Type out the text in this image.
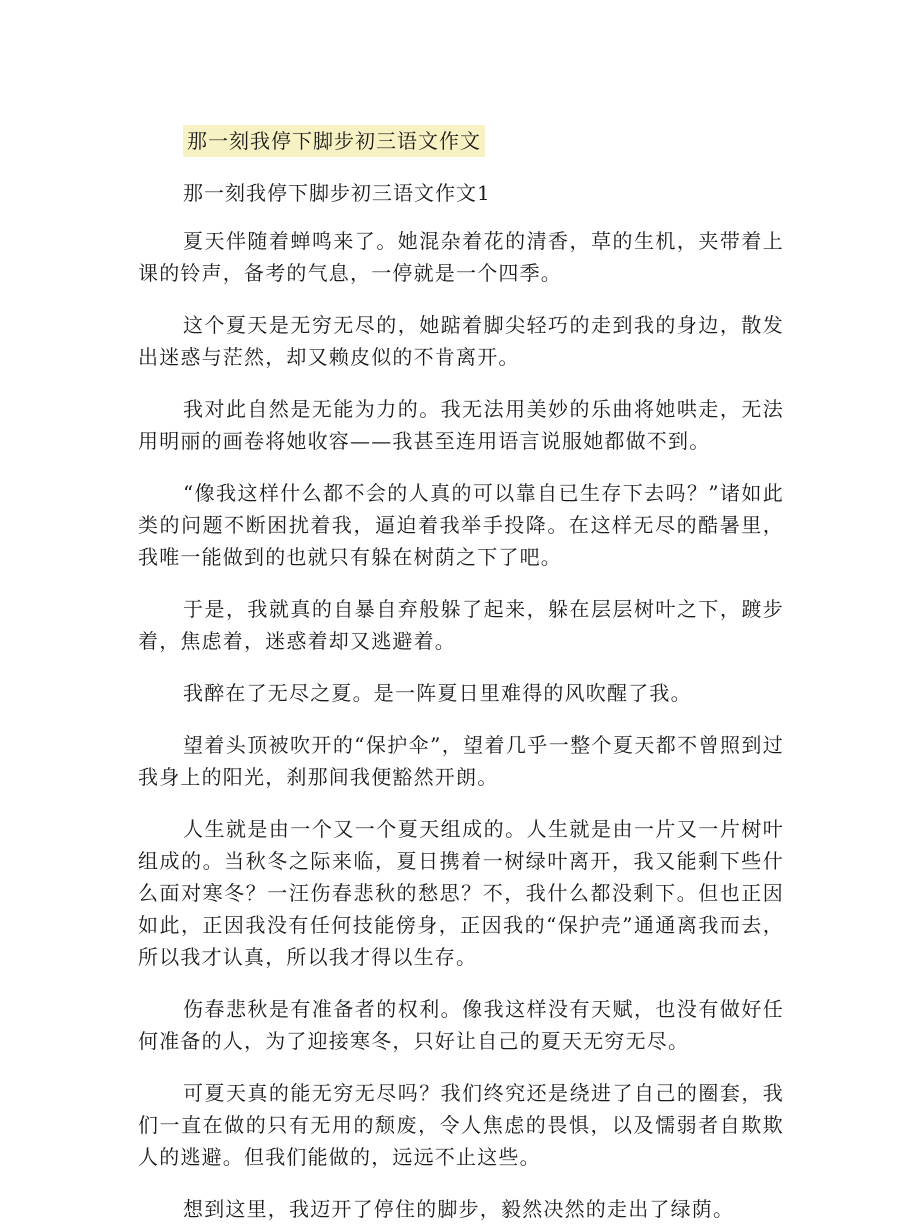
那一刻我停下脚步初三语文作文
那一刻我停下脚步初三语文作文1

夏天伴随着蝉鸣来了。她混杂着花的清香，草的生机，夹带着上课的铃声，备考的气息，一停就是一个四季。

这个夏天是无穷无尽的，她踮着脚尖轻巧的走到我的身边，散发出迷惑与茫然，却又赖皮似的不肯离开。

我对此自然是无能为力的。我无法用美妙的乐曲将她哄走，无法用明丽的画卷将她收容——我甚至连用语言说服她都做不到。

“像我这样什么都不会的人真的可以靠自已生存下去吗？”诸如此类的问题不断困扰着我，逼迫着我举手投降。在这样无尽的酷暑里，我唯一能做到的也就只有躲在树荫之下了吧。

于是，我就真的自暴自弃般躲了起来，躲在层层树叶之下，踱步着，焦虑着，迷惑着却又逃避着。

我醉在了无尽之夏。是一阵夏日里难得的风吹醒了我。

望着头顶被吹开的“保护伞”，望着几乎一整个夏天都不曾照到过我身上的阳光，刹那间我便豁然开朗。

人生就是由一个又一个夏天组成的。人生就是由一片又一片树叶组成的。当秋冬之际来临，夏日携着一树绿叶离开，我又能剩下些什么面对寒冬？一汪伤春悲秋的愁思？不，我什么都没剩下。但也正因如此，正因我没有任何技能傍身，正因我的“保护壳”通通离我而去，所以我才认真，所以我才得以生存。

伤春悲秋是有准备者的权利。像我这样没有天赋，也没有做好任何准备的人，为了迎接寒冬，只好让自己的夏天无穷无尽。

可夏天真的能无穷无尽吗？我们终究还是绕进了自己的圈套，我们一直在做的只有无用的颓废，令人焦虑的畏惧，以及懦弱者自欺欺人的逃避。但我们能做的，远远不止这些。

想到这里，我迈开了停住的脚步，毅然决然的走出了绿荫。
